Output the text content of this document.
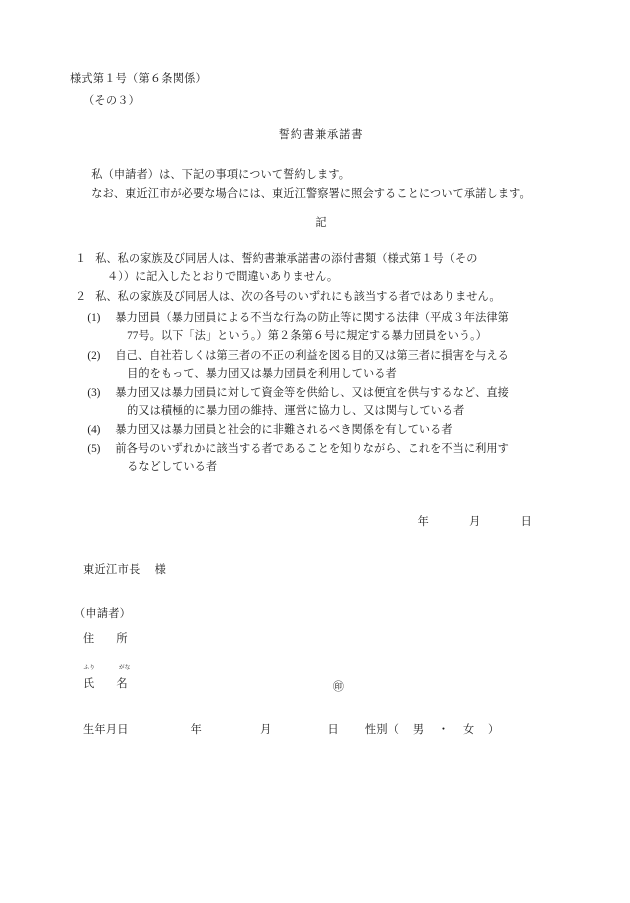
様式第１号（第６条関係）
（その３）
誓約書兼承諾書

私（申請者）は、下記の事項について誓約します。

なお、東近江市が必要な場合には、東近江警察署に照会することについて承諾します。

記
１ 私、私の家族及び同居人は、誓約書兼承諾書の添付書類（様式第１号（その
４））に記入したとおりで間違いありません。
２ 私、私の家族及び同居人は、次の各号のいずれにも該当する者ではありません。
(1)	暴力団員（暴力団員による不当な行為の防止等に関する法律（平成３年法律第
77号。以下「法」という。）第２条第６号に規定する暴力団員をいう。）
(2)	自己、自社若しくは第三者の不正の利益を図る目的又は第三者に損害を与える
目的をもって、暴力団又は暴力団員を利用している者
(3)	暴力団又は暴力団員に対して資金等を供給し、又は便宜を供与するなど、直接
的又は積極的に暴力団の維持、運営に協力し、又は関与している者
(4)	暴力団又は暴力団員と社会的に非難されるべき関係を有している者
(5)	前各号のいずれかに該当する者であることを知りながら、これを不当に利用す
るなどしている者
年	月	日
東近江市長 様
（申請者）
住 所
ふり	がな
氏 名	㊞
生年月日	年	月	日 性別（　男　・　女　）
